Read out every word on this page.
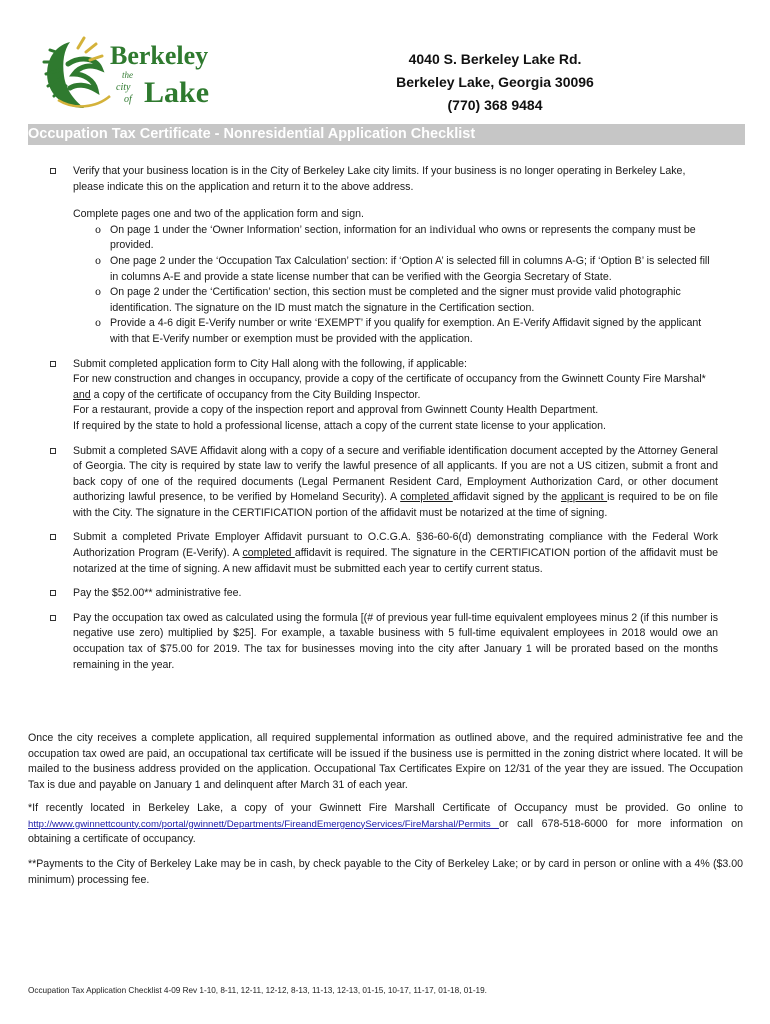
Berkeley
the
city
of Lake
4040 S. Berkeley Lake Rd.
Berkeley Lake, Georgia 30096
(770) 368 9484
Occupation Tax Certificate - Nonresidential Application Checklist
Verify that your business location is in the City of Berkeley Lake city limits. If your business is no longer operating in Berkeley Lake, please indicate this on the application and return it to the above address.
Complete pages one and two of the application form and sign.
o On page 1 under the ‘Owner Information’ section, information for an individual who owns or represents the company must be provided.
o One page 2 under the ‘Occupation Tax Calculation’ section: if ‘Option A’ is selected fill in columns A-G; if ‘Option B’ is selected fill in columns A-E and provide a state license number that can be verified with the Georgia Secretary of State.
o On page 2 under the ‘Certification’ section, this section must be completed and the signer must provide valid photographic identification. The signature on the ID must match the signature in the Certification section.
o Provide a 4-6 digit E-Verify number or write ‘EXEMPT’ if you qualify for exemption. An E-Verify Affidavit signed by the applicant with that E-Verify number or exemption must be provided with the application.
Submit completed application form to City Hall along with the following, if applicable:
For new construction and changes in occupancy, provide a copy of the certificate of occupancy from the Gwinnett County Fire Marshal* and a copy of the certificate of occupancy from the City Building Inspector.
For a restaurant, provide a copy of the inspection report and approval from Gwinnett County Health Department.
If required by the state to hold a professional license, attach a copy of the current state license to your application.
Submit a completed SAVE Affidavit along with a copy of a secure and verifiable identification document accepted by the Attorney General of Georgia. The city is required by state law to verify the lawful presence of all applicants. If you are not a US citizen, submit a front and back copy of one of the required documents (Legal Permanent Resident Card, Employment Authorization Card, or other document authorizing lawful presence, to be verified by Homeland Security). A completed affidavit signed by the applicant is required to be on file with the City. The signature in the CERTIFICATION portion of the affidavit must be notarized at the time of signing.
Submit a completed Private Employer Affidavit pursuant to O.C.G.A. §36-60-6(d) demonstrating compliance with the Federal Work Authorization Program (E-Verify). A completed affidavit is required. The signature in the CERTIFICATION portion of the affidavit must be notarized at the time of signing. A new affidavit must be submitted each year to certify current status.
Pay the $52.00** administrative fee.
Pay the occupation tax owed as calculated using the formula [(# of previous year full-time equivalent employees minus 2 (if this number is negative use zero) multiplied by $25]. For example, a taxable business with 5 full-time equivalent employees in 2018 would owe an occupation tax of $75.00 for 2019. The tax for businesses moving into the city after January 1 will be prorated based on the months remaining in the year.
Once the city receives a complete application, all required supplemental information as outlined above, and the required administrative fee and the occupation tax owed are paid, an occupational tax certificate will be issued if the business use is permitted in the zoning district where located. It will be mailed to the business address provided on the application. Occupational Tax Certificates Expire on 12/31 of the year they are issued. The Occupation Tax is due and payable on January 1 and delinquent after March 31 of each year.
*If recently located in Berkeley Lake, a copy of your Gwinnett Fire Marshall Certificate of Occupancy must be provided. Go online to http://www.gwinnettcounty.com/portal/gwinnett/Departments/FireandEmergencyServices/FireMarshal/Permits or call 678-518-6000 for more information on obtaining a certificate of occupancy.
**Payments to the City of Berkeley Lake may be in cash, by check payable to the City of Berkeley Lake; or by card in person or online with a 4% ($3.00 minimum) processing fee.
Occupation Tax Application Checklist 4-09 Rev 1-10, 8-11, 12-11, 12-12, 8-13, 11-13, 12-13, 01-15, 10-17, 11-17, 01-18, 01-19.
